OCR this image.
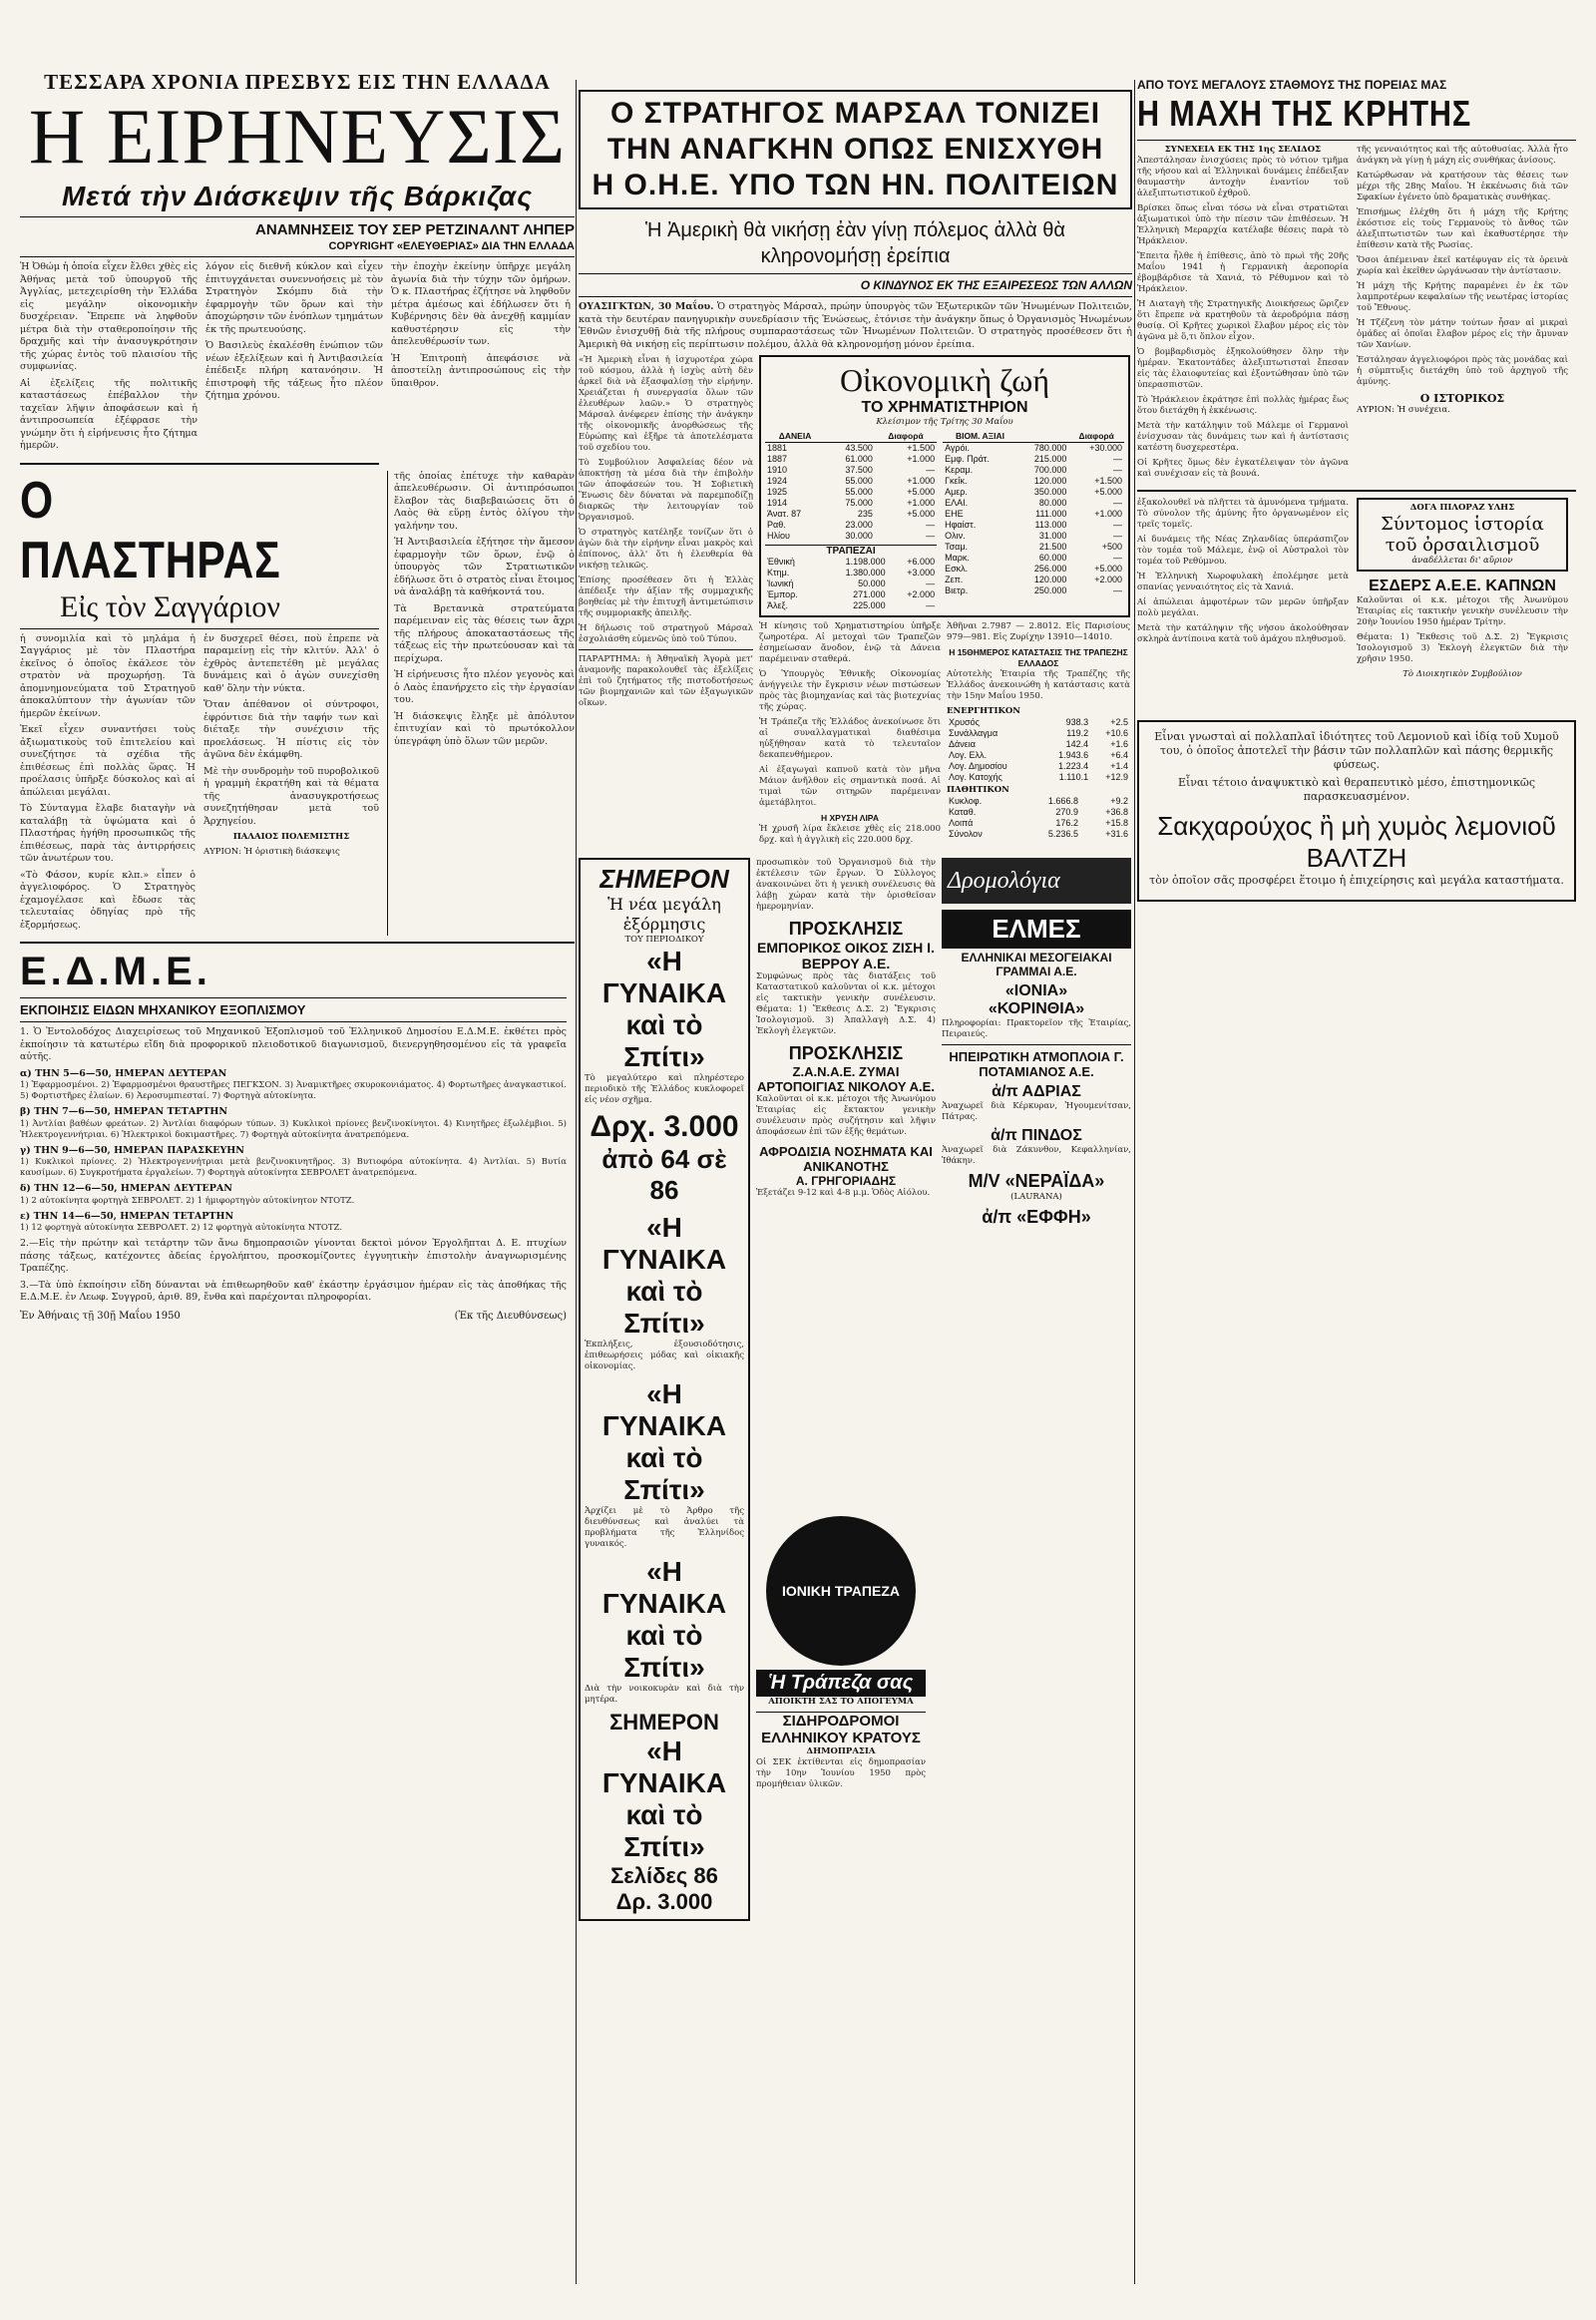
ΤΕΣΣΑΡΑ ΧΡΟΝΙΑ ΠΡΕΣΒΥΣ ΕΙΣ ΤΗΝ ΕΛΛΑΔΑ
Η ΕΙΡΗΝΕΥΣΙΣ
Μετά τὴν Διάσκεψιν τῆς Βάρκιζας
ΑΝΑΜΝΗΣΕΙΣ ΤΟΥ ΣΕΡ ΡΕΤΖΙΝΑΛΝΤ ΛΗΠΕΡ
COPYRIGHT «ΕΛΕΥΘΕΡΙΑΣ» ΔΙΑ ΤΗΝ ΕΛΛΑΔΑ

Ἡ Ὀθώμ ἡ ὁποία εἶχεν ἔλθει χθὲς εἰς Ἀθήνας μετὰ τοῦ ὑπουργοῦ τῆς Ἀγγλίας, μετεχειρίσθη τὴν Ἑλλάδα εἰς μεγάλην οἰκονομικὴν δυσχέρειαν. Ἔπρεπε νὰ ληφθοῦν μέτρα διὰ τὴν σταθεροποίησιν τῆς δραχμῆς καὶ τὴν ἀνασυγκρότησιν τῆς χώρας ἐντὸς τοῦ πλαισίου τῆς συμφωνίας.

Αἱ ἐξελίξεις τῆς πολιτικῆς καταστάσεως ἐπέβαλλον τὴν ταχεῖαν λῆψιν ἀποφάσεων καὶ ἡ ἀντιπροσωπεία ἐξέφρασε τὴν γνώμην ὅτι ἡ εἰρήνευσις ἦτο ζήτημα ἡμερῶν.

λόγον εἰς διεθνῆ κύκλον καὶ εἶχεν ἐπιτυγχάνεται συνεννοήσεις μὲ τὸν Στρατηγὸν Σκόμπυ διὰ τὴν ἐφαρμογὴν τῶν ὅρων καὶ τὴν ἀποχώρησιν τῶν ἐνόπλων τμημάτων ἐκ τῆς πρωτευούσης.

Ὁ Βασιλεὺς ἐκαλέσθη ἐνώπιον τῶν νέων ἐξελίξεων καὶ ἡ Ἀντιβασιλεία ἐπέδειξε πλήρη κατανόησιν. Ἡ ἐπιστροφὴ τῆς τάξεως ἦτο πλέον ζήτημα χρόνου.

τὴν ἐποχὴν ἐκείνην ὑπῆρχε μεγάλη ἀγωνία διὰ τὴν τύχην τῶν ὁμήρων. Ὁ κ. Πλαστήρας ἐζήτησε νὰ ληφθοῦν μέτρα ἀμέσως καὶ ἐδήλωσεν ὅτι ἡ Κυβέρνησις δὲν θὰ ἀνεχθῇ καμμίαν καθυστέρησιν εἰς τὴν ἀπελευθέρωσίν των.

Ἡ Ἐπιτροπὴ ἀπεφάσισε νὰ ἀποστείλῃ ἀντιπροσώπους εἰς τὴν ὕπαιθρον.

Ο ΠΛΑΣΤΗΡΑΣ
Εἰς τὸν Σαγγάριον

ἡ συνομιλία καὶ τὸ μηλάμα ἡ Σαγγάριος μὲ τὸν Πλαστήρα ἐκεῖνος ὁ ὁποῖος ἐκάλεσε τὸν στρατὸν νὰ προχωρήσῃ. Τὰ ἀπομνημονεύματα τοῦ Στρατηγοῦ ἀποκαλύπτουν τὴν ἀγωνίαν τῶν ἡμερῶν ἐκείνων.

Ἐκεῖ εἶχεν συναντήσει τοὺς ἀξιωματικοὺς τοῦ ἐπιτελείου καὶ συνεζήτησε τὰ σχέδια τῆς ἐπιθέσεως ἐπὶ πολλὰς ὥρας. Ἡ προέλασις ὑπῆρξε δύσκολος καὶ αἱ ἀπώλειαι μεγάλαι.

Τὸ Σύνταγμα ἔλαβε διαταγὴν νὰ καταλάβῃ τὰ ὑψώματα καὶ ὁ Πλαστήρας ἡγήθη προσωπικῶς τῆς ἐπιθέσεως, παρὰ τὰς ἀντιρρήσεις τῶν ἀνωτέρων του.

«Τὸ Φάσον, κυρίε κλπ.» εἶπεν ὁ ἀγγελιοφόρος. Ὁ Στρατηγὸς ἐχαμογέλασε καὶ ἔδωσε τὰς τελευταίας ὁδηγίας πρὸ τῆς ἐξορμήσεως.

ἐν δυσχερεῖ θέσει, ποὺ ἐπρεπε νὰ παραμείνῃ εἰς τὴν κλιτύν. Ἀλλ' ὁ ἐχθρὸς ἀντεπετέθη μὲ μεγάλας δυνάμεις καὶ ὁ ἀγὼν συνεχίσθη καθ' ὅλην τὴν νύκτα.

Ὅταν ἀπέθανον οἱ σύντροφοι, ἐφρόντισε διὰ τὴν ταφήν των καὶ διέταξε τὴν συνέχισιν τῆς προελάσεως. Ἡ πίστις εἰς τὸν ἀγῶνα δὲν ἐκάμφθη.

Μὲ τὴν συνδρομὴν τοῦ πυροβολικοῦ ἡ γραμμὴ ἐκρατήθη καὶ τὰ θέματα τῆς ἀνασυγκροτήσεως συνεζητήθησαν μετὰ τοῦ Ἀρχηγείου.

ΠΑΛΑΙΟΣ ΠΟΛΕΜΙΣΤΗΣ
ΑΥΡΙΟΝ: Ἡ ὁριστικὴ διάσκεψις

τῆς ὁποίας ἐπέτυχε τὴν καθαρὰν ἀπελευθέρωσιν. Οἱ ἀντιπρόσωποι ἔλαβον τὰς διαβεβαιώσεις ὅτι ὁ Λαὸς θὰ εὕρῃ ἐντὸς ὀλίγου τὴν γαλήνην του.

Ἡ Ἀντιβασιλεία ἐξήτησε τὴν ἄμεσον ἐφαρμογὴν τῶν ὅρων, ἐνῷ ὁ ὑπουργὸς τῶν Στρατιωτικῶν ἐδήλωσε ὅτι ὁ στρατὸς εἶναι ἕτοιμος νὰ ἀναλάβῃ τὰ καθήκοντά του.

Τὰ Βρετανικὰ στρατεύματα παρέμειναν εἰς τὰς θέσεις των ἄχρι τῆς πλήρους ἀποκαταστάσεως τῆς τάξεως εἰς τὴν πρωτεύουσαν καὶ τὰ περίχωρα.

Ἡ εἰρήνευσις ἦτο πλέον γεγονὸς καὶ ὁ Λαὸς ἐπανήρχετο εἰς τὴν ἐργασίαν του.

Ἡ διάσκεψις ἔληξε μὲ ἀπόλυτον ἐπιτυχίαν καὶ τὸ πρωτόκολλον ὑπεγράφη ὑπὸ ὅλων τῶν μερῶν.

Ε.Δ.Μ.Ε.
ΕΚΠΟΙΗΣΙΣ ΕΙΔΩΝ ΜΗΧΑΝΙΚΟΥ ΕΞΟΠΛΙΣΜΟΥ

1. Ὁ Ἐντολοδόχος Διαχειρίσεως τοῦ Μηχανικοῦ Ἐξοπλισμοῦ τοῦ Ἑλληνικοῦ Δημοσίου Ε.Δ.Μ.Ε. ἐκθέτει πρὸς ἐκποίησιν τὰ κατωτέρω εἴδη διὰ προφορικοῦ πλειοδοτικοῦ διαγωνισμοῦ, διενεργηθησομένου εἰς τὰ γραφεῖα αὐτῆς.

α) ΤΗΝ 5—6—50, ΗΜΕΡΑΝ ΔΕΥΤΕΡΑΝ

1) Ἐφαρμοσμένοι. 2) Ἐφαρμοσμένοι θραυστῆρες ΠΕΓΚΣΟΝ. 3) Ἀναμικτῆρες σκυροκονιάματος. 4) Φορτωτῆρες ἀναγκαστικοί. 5) Φορτιστῆρες ἐλαίων. 6) Ἀεροσυμπιεσταί. 7) Φορτηγὰ αὐτοκίνητα.

β) ΤΗΝ 7—6—50, ΗΜΕΡΑΝ ΤΕΤΑΡΤΗΝ

1) Ἀντλίαι βαθέων φρεάτων. 2) Ἀντλίαι διαφόρων τύπων. 3) Κυκλικοὶ πρίονες βενζινοκίνητοι. 4) Κινητῆρες ἐξωλέμβιοι. 5) Ἠλεκτρογεννήτριαι. 6) Ἠλεκτρικοὶ δοκιμαστῆρες. 7) Φορτηγὰ αὐτοκίνητα ἀνατρεπόμενα.

γ) ΤΗΝ 9—6—50, ΗΜΕΡΑΝ ΠΑΡΑΣΚΕΥΗΝ

1) Κυκλικοὶ πρίονες. 2) Ἠλεκτρογεννήτριαι μετὰ βενζινοκινητῆρος. 3) Βυτιοφόρα αὐτοκίνητα. 4) Ἀντλίαι. 5) Βυτία καυσίμων. 6) Συγκροτήματα ἐργαλείων. 7) Φορτηγὰ αὐτοκίνητα ΣΕΒΡΟΛΕΤ ἀνατρεπόμενα.

δ) ΤΗΝ 12—6—50, ΗΜΕΡΑΝ ΔΕΥΤΕΡΑΝ

1) 2 αὐτοκίνητα φορτηγὰ ΣΕΒΡΟΛΕΤ. 2) 1 ἡμιφορτηγὸν αὐτοκίνητον ΝΤΟΤΖ.

ε) ΤΗΝ 14—6—50, ΗΜΕΡΑΝ ΤΕΤΑΡΤΗΝ

1) 12 φορτηγὰ αὐτοκίνητα ΣΕΒΡΟΛΕΤ. 2) 12 φορτηγὰ αὐτοκίνητα ΝΤΟΤΖ.

2.—Εἰς τὴν πρώτην καὶ τετάρτην τῶν ἄνω δημοπρασιῶν γίνονται δεκτοὶ μόνον Ἐργολῆπται Δ. Ε. πτυχίων πάσης τάξεως, κατέχοντες ἀδείας ἐργολήπτου, προσκομίζοντες ἐγγυητικὴν ἐπιστολὴν ἀναγνωρισμένης Τραπέζης.

3.—Τὰ ὑπὸ ἐκποίησιν εἴδη δύνανται νὰ ἐπιθεωρηθοῦν καθ' ἑκάστην ἐργάσιμον ἡμέραν εἰς τὰς ἀποθήκας τῆς Ε.Δ.Μ.Ε. ἐν Λεωφ. Συγγροῦ, ἀριθ. 89, ἔνθα καὶ παρέχονται πληροφορίαι.

Ἐν Ἀθήναις τῇ 30ῇ Μαΐου 1950	(Ἐκ τῆς Διευθύνσεως)
Ο ΣΤΡΑΤΗΓΟΣ ΜΑΡΣΑΛ ΤΟΝΙΖΕΙ
ΤΗΝ ΑΝΑΓΚΗΝ ΟΠΩΣ ΕΝΙΣΧΥΘΗ
Η Ο.Η.Ε. ΥΠΟ ΤΩΝ ΗΝ. ΠΟΛΙΤΕΙΩΝ
Ἡ Ἀμερικὴ θὰ νικήσῃ ἐὰν γίνῃ πόλεμος ἀλλὰ θὰ κληρονομήσῃ ἐρείπια
Ο ΚΙΝΔΥΝΟΣ ΕΚ ΤΗΣ ΕΞΑΙΡΕΣΕΩΣ ΤΩΝ ΑΛΛΩΝ

ΟΥΑΣΙΓΚΤΩΝ, 30 Μαΐου. Ὁ στρατηγὸς Μάρσαλ, πρώην ὑπουργὸς τῶν Ἐξωτερικῶν τῶν Ἡνωμένων Πολιτειῶν, κατὰ τὴν δευτέραν πανηγυρικὴν συνεδρίασιν τῆς Ἑνώσεως, ἐτόνισε τὴν ἀνάγκην ὅπως ὁ Ὀργανισμὸς Ἡνωμένων Ἐθνῶν ἐνισχυθῇ διὰ τῆς πλήρους συμπαραστάσεως τῶν Ἡνωμένων Πολιτειῶν. Ὁ στρατηγὸς προσέθεσεν ὅτι ἡ Ἀμερικὴ θὰ νικήσῃ εἰς περίπτωσιν πολέμου, ἀλλὰ θὰ κληρονομήσῃ μόνον ἐρείπια.

«Ἡ Ἀμερικὴ εἶναι ἡ ἰσχυροτέρα χώρα τοῦ κόσμου, ἀλλὰ ἡ ἰσχὺς αὐτὴ δὲν ἀρκεῖ διὰ νὰ ἐξασφαλίσῃ τὴν εἰρήνην. Χρειάζεται ἡ συνεργασία ὅλων τῶν ἐλευθέρων λαῶν.» Ὁ στρατηγὸς Μάρσαλ ἀνέφερεν ἐπίσης τὴν ἀνάγκην τῆς οἰκονομικῆς ἀνορθώσεως τῆς Εὐρώπης καὶ ἐξῆρε τὰ ἀποτελέσματα τοῦ σχεδίου του.

Τὸ Συμβούλιον Ἀσφαλείας δέον νὰ ἀποκτήσῃ τὰ μέσα διὰ τὴν ἐπιβολὴν τῶν ἀποφάσεών του. Ἡ Σοβιετικὴ Ἕνωσις δὲν δύναται νὰ παρεμποδίζῃ διαρκῶς τὴν λειτουργίαν τοῦ Ὀργανισμοῦ.

Ὁ στρατηγὸς κατέληξε τονίζων ὅτι ὁ ἀγὼν διὰ τὴν εἰρήνην εἶναι μακρὸς καὶ ἐπίπονος, ἀλλ' ὅτι ἡ ἐλευθερία θὰ νικήσῃ τελικῶς.

Ἐπίσης προσέθεσεν ὅτι ἡ Ἑλλὰς ἀπέδειξε τὴν ἀξίαν τῆς συμμαχικῆς βοηθείας μὲ τὴν ἐπιτυχῆ ἀντιμετώπισιν τῆς συμμοριακῆς ἀπειλῆς.

Ἡ δήλωσις τοῦ στρατηγοῦ Μάρσαλ ἐσχολιάσθη εὐμενῶς ὑπὸ τοῦ Τύπου.

ΠΑΡΑΡΤΗΜΑ: ἡ Ἀθηναϊκὴ Ἀγορὰ μετ' ἀναμονῆς παρακολουθεῖ τὰς ἐξελίξεις ἐπὶ τοῦ ζητήματος τῆς πιστοδοτήσεως τῶν βιομηχανιῶν καὶ τῶν ἐξαγωγικῶν οἴκων.

Οἰκονομικὴ ζωή
ΤΟ ΧΡΗΜΑΤΙΣΤΗΡΙΟΝ
Κλείσιμον τῆς Τρίτης 30 Μαΐου
ΔΑΝΕΙΑ		Διαφορά
1881	43.500	+1.500
1887	61.000	+1.000
1910	37.500	—
1924	55.000	+1.000
1925	55.000	+5.000
1914	75.000	+1.000
Άνατ. 87	235	+5.000
Ραθ.	23.000	—
Ηλίου	30.000	—
ΤΡΑΠΕΖΑΙ
Ἐθνικὴ	1.198.000	+6.000
Κτημ.	1.380.000	+3.000
Ἰωνική	50.000	—
Ἐμπορ.	271.000	+2.000
Ἀλεξ.	225.000	—
ΒΙΟΜ. ΑΞΙΑΙ		Διαφορά
Αγρόι.	780.000	+30.000
Εμφ. Πράτ.	215.000	—
Κεραμ.	700.000	—
Γκεΐκ.	120.000	+1.500
Αμερ.	350.000	+5.000
ΕΛΑΙ.	80.000	—
ΕΗΕ	111.000	+1.000
Ηφαίστ.	113.000	—
Ολιν.	31.000	—
Τσαμ.	21.500	+500
Μαρκ.	60.000	—
Εσκλ.	256.000	+5.000
Ζεπ.	120.000	+2.000
Βιετρ.	250.000	—

Ἡ κίνησις τοῦ Χρηματιστηρίου ὑπῆρξε ζωηροτέρα. Αἱ μετοχαὶ τῶν Τραπεζῶν ἐσημείωσαν ἄνοδον, ἐνῷ τὰ Δάνεια παρέμειναν σταθερά.

Ὁ Ὑπουργὸς Ἐθνικῆς Οἰκονομίας ἀνήγγειλε τὴν ἔγκρισιν νέων πιστώσεων πρὸς τὰς βιομηχανίας καὶ τὰς βιοτεχνίας τῆς χώρας.

Ἡ Τράπεζα τῆς Ἑλλάδος ἀνεκοίνωσε ὅτι αἱ συναλλαγματικαὶ διαθέσιμα ηὐξήθησαν κατὰ τὸ τελευταῖον δεκαπενθήμερον.

Αἱ ἐξαγωγαὶ καπνοῦ κατὰ τὸν μῆνα Μάιον ἀνῆλθον εἰς σημαντικὰ ποσά. Αἱ τιμαὶ τῶν σιτηρῶν παρέμειναν ἀμετάβλητοι.

Η ΧΡΥΣΗ ΛΙΡΑ

Ἡ χρυσῆ λίρα ἔκλεισε χθὲς εἰς 218.000 δρχ. καὶ ἡ ἀγγλικὴ εἰς 220.000 δρχ.

Ἀθῆναι 2.7987 — 2.8012. Εἰς Παρισίους 979—981. Εἰς Ζυρίχην 13910—14010.

Η 15ΘΗΜΕΡΟΣ ΚΑΤΑΣΤΑΣΙΣ ΤΗΣ ΤΡΑΠΕΖΗΣ ΕΛΛΑΔΟΣ

Αὐτοτελὴς Ἐταιρία τῆς Τραπέζης τῆς Ἑλλάδος ἀνεκοινώθη ἡ κατάστασις κατὰ τὴν 15ην Μαΐου 1950.

ΕΝΕΡΓΗΤΙΚΟΝ
Χρυσός	938.3	+2.5
Συνάλλαγμα	119.2	+10.6
Δάνεια	142.4	+1.6
Λογ. Ελλ.	1.943.6	+6.4
Λογ. Δημοσίου	1.223.4	+1.4
Λογ. Κατοχής	1.110.1	+12.9
ΠΑΘΗΤΙΚΟΝ
Κυκλοφ.	1.666.8	+9.2
Καταθ.	270.9	+36.8
Λοιπά	176.2	+15.8
Σύνολον	5.236.5	+31.6
ΣΗΜΕΡΟΝ
Ἡ νέα μεγάλη ἐξόρμησις
ΤΟΥ ΠΕΡΙΟΔΙΚΟΥ
«Η ΓΥΝΑΙΚΑ καὶ τὸ Σπίτι»

Τὸ μεγαλύτερο καὶ πληρέστερο περιοδικὸ τῆς Ἑλλάδος κυκλοφορεῖ εἰς νέον σχῆμα.

Δρχ. 3.000
ἀπὸ 64 σὲ 86
«Η ΓΥΝΑΙΚΑ καὶ τὸ Σπίτι»

Ἐκπλήξεις, ἐξουσιοδότησις, ἐπιθεωρήσεις μόδας καὶ οἰκιακῆς οἰκονομίας.

«Η ΓΥΝΑΙΚΑ καὶ τὸ Σπίτι»

Ἀρχίζει μὲ τὸ Ἀρθρο τῆς διευθύνσεως καὶ ἀναλύει τὰ προβλήματα τῆς Ἑλληνίδος γυναικός.

«Η ΓΥΝΑΙΚΑ καὶ τὸ Σπίτι»

Διὰ τὴν νοικοκυρὰν καὶ διὰ τὴν μητέρα.

ΣΗΜΕΡΟΝ
«Η ΓΥΝΑΙΚΑ καὶ τὸ Σπίτι»
Σελίδες 86
Δρ. 3.000

προσωπικὸν τοῦ Ὀργανισμοῦ διὰ τὴν ἐκτέλεσιν τῶν ἔργων. Ὁ Σύλλογος ἀνακοινώνει ὅτι ἡ γενικὴ συνέλευσις θὰ λάβῃ χώραν κατὰ τὴν ὁρισθεῖσαν ἡμερομηνίαν.

ΠΡΟΣΚΛΗΣΙΣ
ΕΜΠΟΡΙΚΟΣ ΟΙΚΟΣ ΖΙΣΗ Ι. ΒΕΡΡΟΥ Α.Ε.

Συμφώνως πρὸς τὰς διατάξεις τοῦ Καταστατικοῦ καλοῦνται οἱ κ.κ. μέτοχοι εἰς τακτικὴν γενικὴν συνέλευσιν. Θέματα: 1) Ἔκθεσις Δ.Σ. 2) Ἔγκρισις Ἰσολογισμοῦ. 3) Ἀπαλλαγὴ Δ.Σ. 4) Ἐκλογὴ ἐλεγκτῶν.

ΠΡΟΣΚΛΗΣΙΣ
Ζ.Α.Ν.Α.Ε. ΖΥΜΑΙ ΑΡΤΟΠΟΙΓΙΑΣ ΝΙΚΟΛΟΥ Α.Ε.

Καλοῦνται οἱ κ.κ. μέτοχοι τῆς Ἀνωνύμου Ἑταιρίας εἰς ἔκτακτον γενικὴν συνέλευσιν πρὸς συζήτησιν καὶ λῆψιν ἀποφάσεων ἐπὶ τῶν ἑξῆς θεμάτων.

ΑΦΡΟΔΙΣΙΑ ΝΟΣΗΜΑΤΑ ΚΑΙ ΑΝΙΚΑΝΟΤΗΣ
Α. ΓΡΗΓΟΡΙΑΔΗΣ

Ἐξετάζει 9-12 καὶ 4-8 μ.μ. Ὁδὸς Αἰόλου.

Δρομολόγια
ΕΛΜΕΣ
ΕΛΛΗΝΙΚΑΙ ΜΕΣΟΓΕΙΑΚΑΙ ΓΡΑΜΜΑΙ Α.Ε.
«ΙΟΝΙΑ»
«ΚΟΡΙΝΘΙΑ»

Πληροφορίαι: Πρακτορεῖον τῆς Ἑταιρίας, Πειραιεύς.

ΗΠΕΙΡΩΤΙΚΗ ΑΤΜΟΠΛΟΙΑ Γ. ΠΟΤΑΜΙΑΝΟΣ Α.Ε.
ἀ/π ΑΔΡΙΑΣ

Ἀναχωρεῖ διὰ Κέρκυραν, Ἠγουμενίτσαν, Πάτρας.

ἀ/π ΠΙΝΔΟΣ

Ἀναχωρεῖ διὰ Ζάκυνθον, Κεφαλληνίαν, Ἰθάκην.

Μ/V «ΝΕΡΑΪΔΑ»
(LAURANA)
ἀ/π «ΕΦΦΗ»
ΙΟΝΙΚΗ ΤΡΑΠΕΖΑ
Ἡ Τράπεζα σας
ΑΠΟΙΚΤΗ ΣΑΣ ΤΟ ΑΠΟΓΕΥΜΑ
ΣΙΔΗΡΟΔΡΟΜΟΙ ΕΛΛΗΝΙΚΟΥ ΚΡΑΤΟΥΣ
ΔΗΜΟΠΡΑΣΙΑ

Οἱ ΣΕΚ ἐκτίθενται εἰς δημοπρασίαν τὴν 10ην Ἰουνίου 1950 πρὸς προμήθειαν ὑλικῶν.

ΑΠΟ ΤΟΥΣ ΜΕΓΑΛΟΥΣ ΣΤΑΘΜΟΥΣ ΤΗΣ ΠΟΡΕΙΑΣ ΜΑΣ
Η ΜΑΧΗ ΤΗΣ ΚΡΗΤΗΣ
ΣΥΝΕΧΕΙΑ ΕΚ ΤΗΣ 1ης ΣΕΛΙΔΟΣ

Ἀπεστάλησαν ἐνισχύσεις πρὸς τὸ νότιον τμῆμα τῆς νήσου καὶ αἱ Ἑλληνικαὶ δυνάμεις ἐπέδειξαν θαυμαστὴν ἀντοχὴν ἐναντίον τοῦ ἀλεξιπτωτιστικοῦ ἐχθροῦ.

Βρίσκει ὅπως εἶναι τόσω νὰ εἶναι στρατιῶται ἀξιωματικοὶ ὑπὸ τὴν πίεσιν τῶν ἐπιθέσεων. Ἡ Ἑλληνικὴ Μεραρχία κατέλαβε θέσεις παρὰ τὸ Ἡράκλειον.

Ἔπειτα ἦλθε ἡ ἐπίθεσις, ἀπὸ τὸ πρωὶ τῆς 20ῆς Μαΐου 1941 ἡ Γερμανικὴ ἀεροπορία ἐβομβάρδισε τὰ Χανιά, τὸ Ρέθυμνον καὶ τὸ Ἡράκλειον.

Ἡ Διαταγὴ τῆς Στρατηγικῆς Διοικήσεως ὥριζεν ὅτι ἔπρεπε νὰ κρατηθοῦν τὰ ἀεροδρόμια πάσῃ θυσίᾳ. Οἱ Κρῆτες χωρικοὶ ἔλαβον μέρος εἰς τὸν ἀγῶνα μὲ ὅ,τι ὅπλον εἶχον.

Ὁ βομβαρδισμὸς ἐξηκολούθησεν ὅλην τὴν ἡμέραν. Ἐκατοντάδες ἀλεξιπτωτισταὶ ἔπεσαν εἰς τὰς ἐλαιοφυτείας καὶ ἐξοντώθησαν ὑπὸ τῶν ὑπερασπιστῶν.

Τὸ Ἡράκλειον ἐκράτησε ἐπὶ πολλὰς ἡμέρας ἕως ὅτου διετάχθη ἡ ἐκκένωσις.

Μετὰ τὴν κατάληψιν τοῦ Μάλεμε οἱ Γερμανοὶ ἐνίσχυσαν τὰς δυνάμεις των καὶ ἡ ἀντίστασις κατέστη δυσχερεστέρα.

Οἱ Κρῆτες ὅμως δὲν ἐγκατέλειψαν τὸν ἀγῶνα καὶ συνέχισαν εἰς τὰ βουνά.

τῆς γενναιότητος καὶ τῆς αὐτοθυσίας. Ἀλλὰ ἦτο ἀνάγκη νὰ γίνῃ ἡ μάχη εἰς συνθήκας ἀνίσους.

Κατώρθωσαν νὰ κρατήσουν τὰς θέσεις των μέχρι τῆς 28ης Μαΐου. Ἡ ἐκκένωσις διὰ τῶν Σφακίων ἐγένετο ὑπὸ δραματικὰς συνθήκας.

Ἐπισήμως ἐλέχθη ὅτι ἡ μάχη τῆς Κρήτης ἐκόστισε εἰς τοὺς Γερμανοὺς τὸ ἄνθος τῶν ἀλεξιπτωτιστῶν των καὶ ἐκαθυστέρησε τὴν ἐπίθεσιν κατὰ τῆς Ρωσίας.

Ὅσοι ἀπέμειναν ἐκεῖ κατέφυγαν εἰς τὰ ὀρεινὰ χωρία καὶ ἐκεῖθεν ὠργάνωσαν τὴν ἀντίστασιν.

Ἡ μάχη τῆς Κρήτης παραμένει ἐν ἐκ τῶν λαμπροτέρων κεφαλαίων τῆς νεωτέρας ἱστορίας τοῦ Ἔθνους.

Ἡ Τζέζενη τὸν μάτην τούτων ἦσαν αἱ μικραὶ ὁμάδες αἱ ὁποῖαι ἔλαβον μέρος εἰς τὴν ἄμυναν τῶν Χανίων.

Ἐστάλησαν ἀγγελιοφόροι πρὸς τὰς μονάδας καὶ ἡ σύμπτυξις διετάχθη ὑπὸ τοῦ ἀρχηγοῦ τῆς ἀμύνης.

Ο ΙΣΤΟΡΙΚΟΣ
ΑΥΡΙΟΝ: Ἡ συνέχεια.

ἐξακολουθεῖ νὰ πλῆττει τὰ ἀμυνόμενα τμήματα. Τὸ σύνολον τῆς ἀμύνης ἦτο ὀργανωμένον εἰς τρεῖς τομεῖς.

Αἱ δυνάμεις τῆς Νέας Ζηλανδίας ὑπεράσπιζον τὸν τομέα τοῦ Μάλεμε, ἐνῷ οἱ Αὐστραλοὶ τὸν τομέα τοῦ Ρεθύμνου.

Ἡ Ἑλληνικὴ Χωροφυλακὴ ἐπολέμησε μετὰ σπανίας γενναιότητος εἰς τὰ Χανιά.

Αἱ ἀπώλειαι ἀμφοτέρων τῶν μερῶν ὑπῆρξαν πολὺ μεγάλαι.

Μετὰ τὴν κατάληψιν τῆς νήσου ἀκολούθησαν σκληρὰ ἀντίποινα κατὰ τοῦ ἀμάχου πληθυσμοῦ.

ΔΟΓΑ ΠΙΛΟΡΑΖ ΥΛΗΣ
Σύντομος ἱστορία
τοῦ ὀρσαιλισμοῦ
ἀναδέλλεται δι' αὔριον
ΕΣΔΕΡΣ Α.Ε.Ε. ΚΑΠΝΩΝ

Καλοῦνται οἱ κ.κ. μέτοχοι τῆς Ἀνωνύμου Ἑταιρίας εἰς τακτικὴν γενικὴν συνέλευσιν τὴν 20ὴν Ἰουνίου 1950 ἡμέραν Τρίτην.

Θέματα: 1) Ἔκθεσις τοῦ Δ.Σ. 2) Ἔγκρισις Ἰσολογισμοῦ 3) Ἐκλογὴ ἐλεγκτῶν διὰ τὴν χρῆσιν 1950.

Τὸ Διοικητικὸν Συμβούλιον

Εἶναι γνωσταὶ αἱ πολλαπλαῖ ἰδιότητες τοῦ Λεμονιοῦ καὶ ἰδίᾳ τοῦ Χυμοῦ του, ὁ ὁποῖος ἀποτελεῖ τὴν βάσιν τῶν πολλαπλῶν καὶ πάσης θερμικῆς φύσεως.

Εἶναι τέτοιο ἀναψυκτικὸ καὶ θεραπευτικὸ μέσο, ἐπιστημονικῶς παρασκευασμένον.

Σακχαρούχος ἢ μὴ χυμὸς λεμονιοῦ ΒΑΛΤΖΗ

τὸν ὁποῖον σᾶς προσφέρει ἕτοιμο ἡ ἐπιχείρησις καὶ μεγάλα καταστήματα.
